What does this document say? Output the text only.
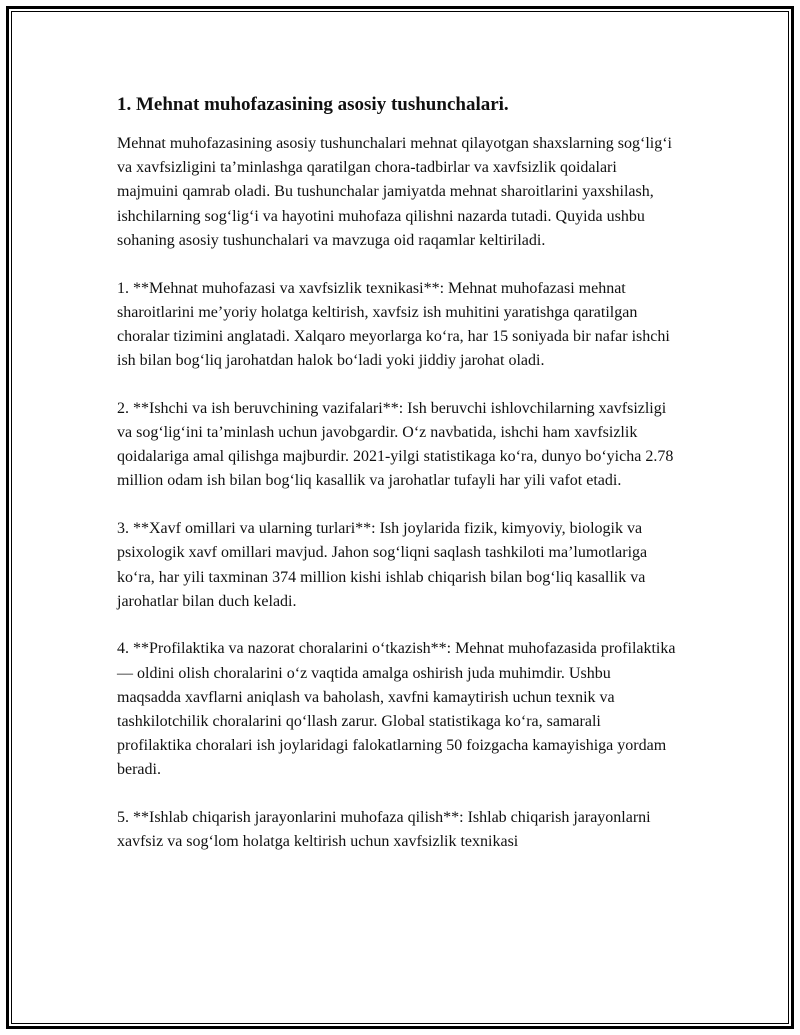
1. Mehnat muhofazasining asosiy tushunchalari.

Mehnat muhofazasining asosiy tushunchalari mehnat qilayotgan shaxslarning sog‘lig‘i va xavfsizligini ta’minlashga qaratilgan chora-tadbirlar va xavfsizlik qoidalari majmuini qamrab oladi. Bu tushunchalar jamiyatda mehnat sharoitlarini yaxshilash, ishchilarning sog‘lig‘i va hayotini muhofaza qilishni nazarda tutadi. Quyida ushbu sohaning asosiy tushunchalari va mavzuga oid raqamlar keltiriladi.

1. **Mehnat muhofazasi va xavfsizlik texnikasi**: Mehnat muhofazasi mehnat sharoitlarini me’yoriy holatga keltirish, xavfsiz ish muhitini yaratishga qaratilgan choralar tizimini anglatadi. Xalqaro meyorlarga ko‘ra, har 15 soniyada bir nafar ishchi ish bilan bog‘liq jarohatdan halok bo‘ladi yoki jiddiy jarohat oladi.

2. **Ishchi va ish beruvchining vazifalari**: Ish beruvchi ishlovchilarning xavfsizligi va sog‘lig‘ini ta’minlash uchun javobgardir. O‘z navbatida, ishchi ham xavfsizlik qoidalariga amal qilishga majburdir. 2021-yilgi statistikaga ko‘ra, dunyo bo‘yicha 2.78 million odam ish bilan bog‘liq kasallik va jarohatlar tufayli har yili vafot etadi.

3. **Xavf omillari va ularning turlari**: Ish joylarida fizik, kimyoviy, biologik va psixologik xavf omillari mavjud. Jahon sog‘liqni saqlash tashkiloti ma’lumotlariga ko‘ra, har yili taxminan 374 million kishi ishlab chiqarish bilan bog‘liq kasallik va jarohatlar bilan duch keladi.

4. **Profilaktika va nazorat choralarini o‘tkazish**: Mehnat muhofazasida profilaktika — oldini olish choralarini o‘z vaqtida amalga oshirish juda muhimdir. Ushbu maqsadda xavflarni aniqlash va baholash, xavfni kamaytirish uchun texnik va tashkilotchilik choralarini qo‘llash zarur. Global statistikaga ko‘ra, samarali profilaktika choralari ish joylaridagi falokatlarning 50 foizgacha kamayishiga yordam beradi.

5. **Ishlab chiqarish jarayonlarini muhofaza qilish**: Ishlab chiqarish jarayonlarni xavfsiz va sog‘lom holatga keltirish uchun xavfsizlik texnikasi
